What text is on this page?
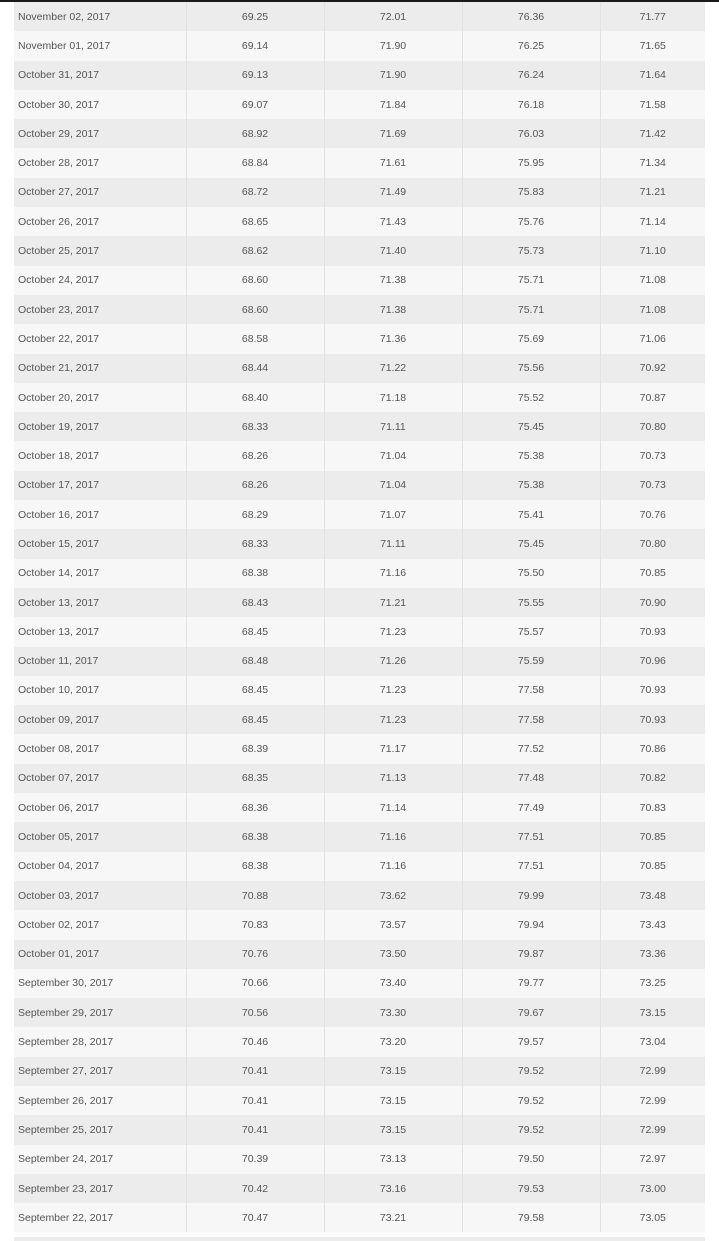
November 02, 2017	69.25	72.01	76.36	71.77
November 01, 2017	69.14	71.90	76.25	71.65
October 31, 2017	69.13	71.90	76.24	71.64
October 30, 2017	69.07	71.84	76.18	71.58
October 29, 2017	68.92	71.69	76.03	71.42
October 28, 2017	68.84	71.61	75.95	71.34
October 27, 2017	68.72	71.49	75.83	71.21
October 26, 2017	68.65	71.43	75.76	71.14
October 25, 2017	68.62	71.40	75.73	71.10
October 24, 2017	68.60	71.38	75.71	71.08
October 23, 2017	68.60	71.38	75.71	71.08
October 22, 2017	68.58	71.36	75.69	71.06
October 21, 2017	68.44	71.22	75.56	70.92
October 20, 2017	68.40	71.18	75.52	70.87
October 19, 2017	68.33	71.11	75.45	70.80
October 18, 2017	68.26	71.04	75.38	70.73
October 17, 2017	68.26	71.04	75.38	70.73
October 16, 2017	68.29	71.07	75.41	70.76
October 15, 2017	68.33	71.11	75.45	70.80
October 14, 2017	68.38	71.16	75.50	70.85
October 13, 2017	68.43	71.21	75.55	70.90
October 13, 2017	68.45	71.23	75.57	70.93
October 11, 2017	68.48	71.26	75.59	70.96
October 10, 2017	68.45	71.23	77.58	70.93
October 09, 2017	68.45	71.23	77.58	70.93
October 08, 2017	68.39	71.17	77.52	70.86
October 07, 2017	68.35	71.13	77.48	70.82
October 06, 2017	68.36	71.14	77.49	70.83
October 05, 2017	68.38	71.16	77.51	70.85
October 04, 2017	68.38	71.16	77.51	70.85
October 03, 2017	70.88	73.62	79.99	73.48
October 02, 2017	70.83	73.57	79.94	73.43
October 01, 2017	70.76	73.50	79.87	73.36
September 30, 2017	70.66	73.40	79.77	73.25
September 29, 2017	70.56	73.30	79.67	73.15
September 28, 2017	70.46	73.20	79.57	73.04
September 27, 2017	70.41	73.15	79.52	72.99
September 26, 2017	70.41	73.15	79.52	72.99
September 25, 2017	70.41	73.15	79.52	72.99
September 24, 2017	70.39	73.13	79.50	72.97
September 23, 2017	70.42	73.16	79.53	73.00
September 22, 2017	70.47	73.21	79.58	73.05
